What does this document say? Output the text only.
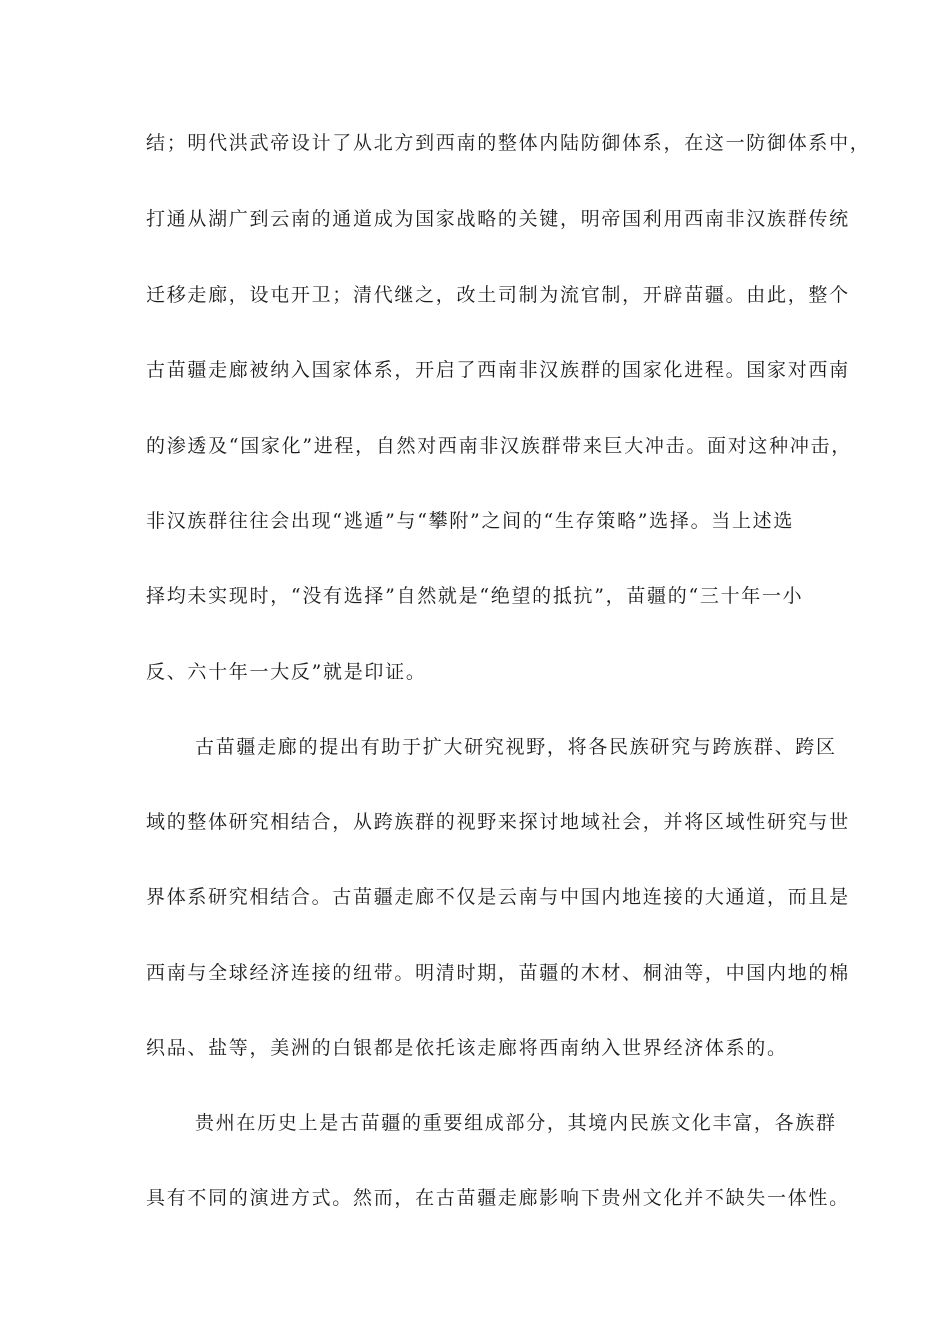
结；明代洪武帝设计了从北方到西南的整体内陆防御体系，在这一防御体系中，
打通从湖广到云南的通道成为国家战略的关键，明帝国利用西南非汉族群传统
迁移走廊，设屯开卫；清代继之，改土司制为流官制，开辟苗疆。由此，整个
古苗疆走廊被纳入国家体系，开启了西南非汉族群的国家化进程。国家对西南
的渗透及“国家化”进程，自然对西南非汉族群带来巨大冲击。面对这种冲击，
非汉族群往往会出现“逃遁”与“攀附”之间的“生存策略”选择。当上述选
择均未实现时，“没有选择”自然就是“绝望的抵抗”，苗疆的“三十年一小
反、六十年一大反”就是印证。
古苗疆走廊的提出有助于扩大研究视野，将各民族研究与跨族群、跨区
域的整体研究相结合，从跨族群的视野来探讨地域社会，并将区域性研究与世
界体系研究相结合。古苗疆走廊不仅是云南与中国内地连接的大通道，而且是
西南与全球经济连接的纽带。明清时期，苗疆的木材、桐油等，中国内地的棉
织品、盐等，美洲的白银都是依托该走廊将西南纳入世界经济体系的。
贵州在历史上是古苗疆的重要组成部分，其境内民族文化丰富，各族群
具有不同的演进方式。然而，在古苗疆走廊影响下贵州文化并不缺失一体性。
